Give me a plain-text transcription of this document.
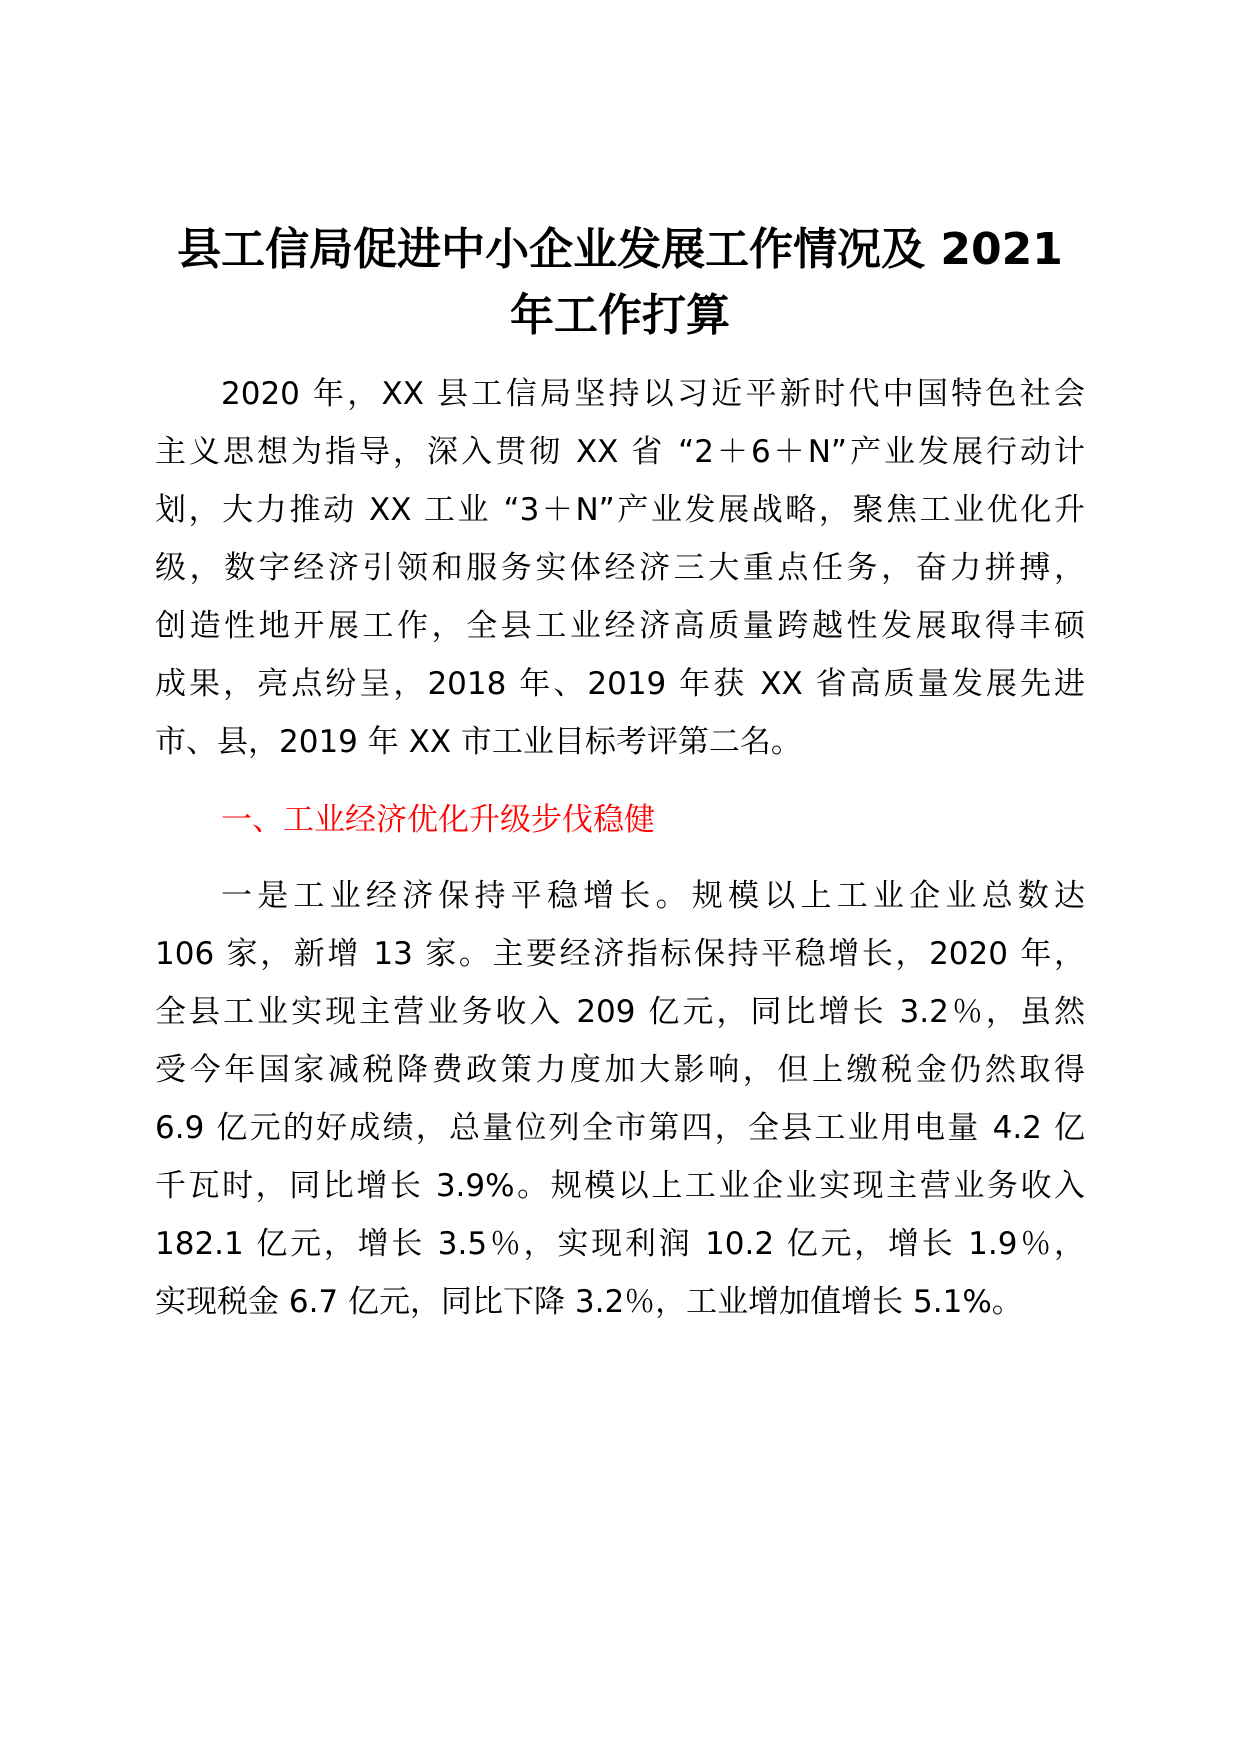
县工信局促进中小企业发展工作情况及 2021
年工作打算

2020 年，XX 县工信局坚持以习近平新时代中国特色社会

主义思想为指导，深入贯彻 XX 省 “2＋6＋N”产业发展行动计

划，大力推动 XX 工业 “3＋N”产业发展战略，聚焦工业优化升

级，数字经济引领和服务实体经济三大重点任务，奋力拼搏，

创造性地开展工作，全县工业经济高质量跨越性发展取得丰硕

成果，亮点纷呈，2018 年、2019 年获 XX 省高质量发展先进

市、县，2019 年 XX 市工业目标考评第二名。

一、工业经济优化升级步伐稳健

一是工业经济保持平稳增长。规模以上工业企业总数达

106 家，新增 13 家。主要经济指标保持平稳增长，2020 年，

全县工业实现主营业务收入 209 亿元，同比增长 3.2％，虽然

受今年国家减税降费政策力度加大影响，但上缴税金仍然取得

6.9 亿元的好成绩，总量位列全市第四，全县工业用电量 4.2 亿

千瓦时，同比增长 3.9%。规模以上工业企业实现主营业务收入

182.1 亿元，增长 3.5％，实现利润 10.2 亿元，增长 1.9％，

实现税金 6.7 亿元，同比下降 3.2％，工业增加值增长 5.1%。
